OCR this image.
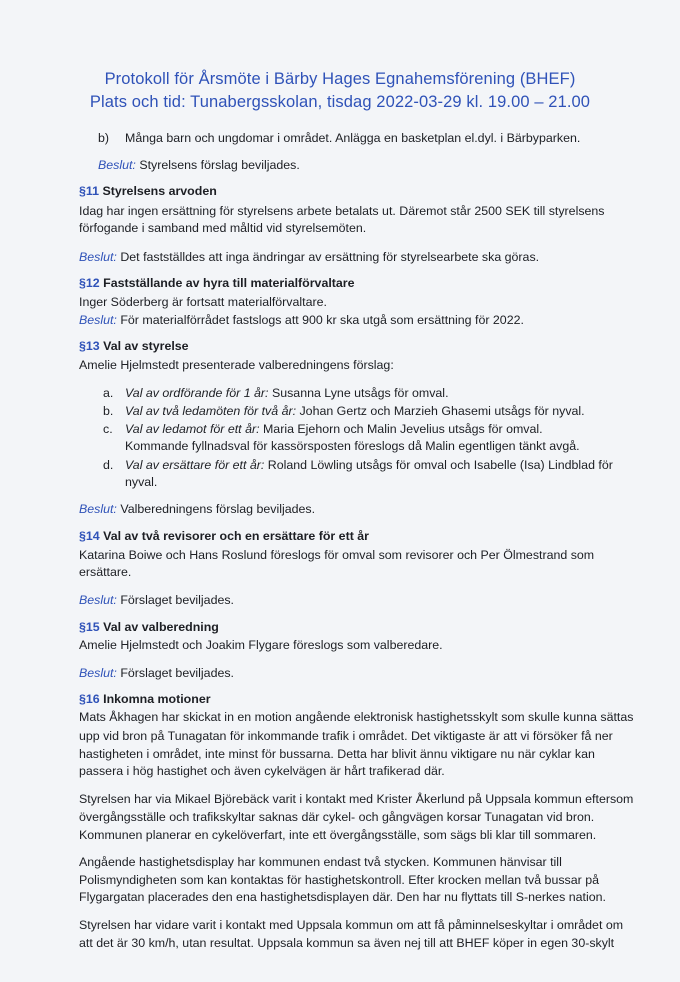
Protokoll för Årsmöte i Bärby Hages Egnahemsförening (BHEF)
Plats och tid: Tunabergsskolan, tisdag 2022-03-29 kl. 19.00 – 21.00
b) Många barn och ungdomar i området. Anlägga en basketplan el.dyl. i Bärbyparken.
Beslut: Styrelsens förslag beviljades.
§11 Styrelsens arvoden
Idag har ingen ersättning för styrelsens arbete betalats ut. Däremot står 2500 SEK till styrelsens
förfogande i samband med måltid vid styrelsemöten.
Beslut: Det fastställdes att inga ändringar av ersättning för styrelsearbete ska göras.
§12 Fastställande av hyra till materialförvaltare
Inger Söderberg är fortsatt materialförvaltare.
Beslut: För materialförrådet fastslogs att 900 kr ska utgå som ersättning för 2022.
§13 Val av styrelse
Amelie Hjelmstedt presenterade valberedningens förslag:
a. Val av ordförande för 1 år: Susanna Lyne utsågs för omval.
b. Val av två ledamöten för två år: Johan Gertz och Marzieh Ghasemi utsågs för nyval.
c. Val av ledamot för ett år: Maria Ejehorn och Malin Jevelius utsågs för omval.
Kommande fyllnadsval för kassörsposten föreslogs då Malin egentligen tänkt avgå.
d. Val av ersättare för ett år: Roland Löwling utsågs för omval och Isabelle (Isa) Lindblad för
nyval.
Beslut: Valberedningens förslag beviljades.
§14 Val av två revisorer och en ersättare för ett år
Katarina Boiwe och Hans Roslund föreslogs för omval som revisorer och Per Ölmestrand som
ersättare.
Beslut: Förslaget beviljades.
§15 Val av valberedning
Amelie Hjelmstedt och Joakim Flygare föreslogs som valberedare.
Beslut: Förslaget beviljades.
§16 Inkomna motioner
Mats Åkhagen har skickat in en motion angående elektronisk hastighetsskylt som skulle kunna sättas
upp vid bron på Tunagatan för inkommande trafik i området. Det viktigaste är att vi försöker få ner
hastigheten i området, inte minst för bussarna. Detta har blivit ännu viktigare nu när cyklar kan
passera i hög hastighet och även cykelvägen är hårt trafikerad där.
Styrelsen har via Mikael Björebäck varit i kontakt med Krister Åkerlund på Uppsala kommun eftersom
övergångsställe och trafikskyltar saknas där cykel- och gångvägen korsar Tunagatan vid bron.
Kommunen planerar en cykelöverfart, inte ett övergångsställe, som sägs bli klar till sommaren.
Angående hastighetsdisplay har kommunen endast två stycken. Kommunen hänvisar till
Polismyndigheten som kan kontaktas för hastighetskontroll. Efter krocken mellan två bussar på
Flygargatan placerades den ena hastighetsdisplayen där. Den har nu flyttats till S-nerkes nation.
Styrelsen har vidare varit i kontakt med Uppsala kommun om att få påminnelseskyltar i området om
att det är 30 km/h, utan resultat. Uppsala kommun sa även nej till att BHEF köper in egen 30-skylt
